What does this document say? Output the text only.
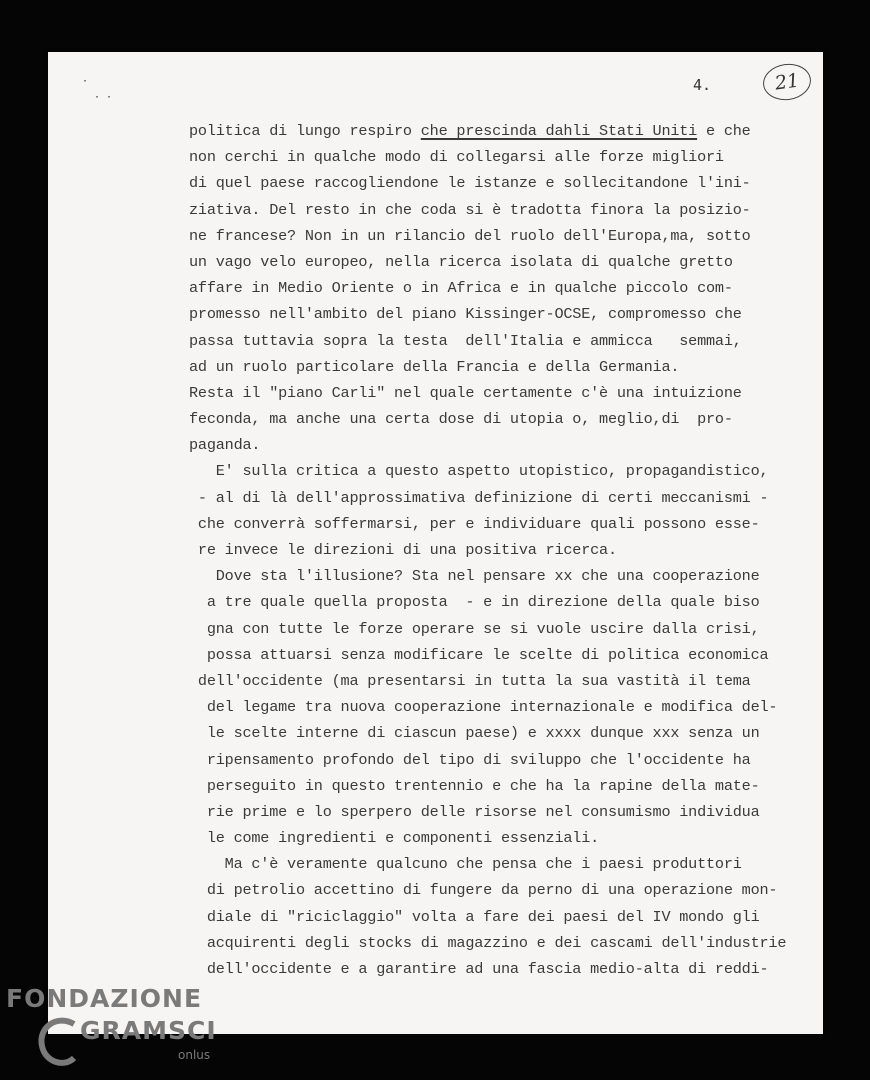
·
· ·
4.	21
politica di lungo respiro che prescinda dahli Stati Uniti e che
non cerchi in qualche modo di collegarsi alle forze migliori
di quel paese raccogliendone le istanze e sollecitandone l'ini-
ziativa. Del resto in che coda si è tradotta finora la posizio-
ne francese? Non in un rilancio del ruolo dell'Europa,ma, sotto
un vago velo europeo, nella ricerca isolata di qualche gretto
affare in Medio Oriente o in Africa e in qualche piccolo com-
promesso nell'ambito del piano Kissinger-OCSE, compromesso che
passa tuttavia sopra la testa  dell'Italia e ammicca   semmai,
ad un ruolo particolare della Francia e della Germania.
Resta il "piano Carli" nel quale certamente c'è una intuizione
feconda, ma anche una certa dose di utopia o, meglio,di  pro-
paganda.
E' sulla critica a questo aspetto utopistico, propagandistico,
- al di là dell'approssimativa definizione di certi meccanismi -
che converrà soffermarsi, per e individuare quali possono esse-
re invece le direzioni di una positiva ricerca.
Dove sta l'illusione? Sta nel pensare xx che una cooperazione
a tre quale quella proposta  - e in direzione della quale biso
gna con tutte le forze operare se si vuole uscire dalla crisi,
possa attuarsi senza modificare le scelte di politica economica
dell'occidente (ma presentarsi in tutta la sua vastità il tema
del legame tra nuova cooperazione internazionale e modifica del-
le scelte interne di ciascun paese) e xxxx dunque xxx senza un
ripensamento profondo del tipo di sviluppo che l'occidente ha
perseguito in questo trentennio e che ha la rapine della mate-
rie prime e lo sperpero delle risorse nel consumismo individua
le come ingredienti e componenti essenziali.
Ma c'è veramente qualcuno che pensa che i paesi produttori
di petrolio accettino di fungere da perno di una operazione mon-
diale di "riciclaggio" volta a fare dei paesi del IV mondo gli
acquirenti degli stocks di magazzino e dei cascami dell'industrie
dell'occidente e a garantire ad una fascia medio-alta di reddi-
FONDAZIONE
GRAMSCI
onlus
